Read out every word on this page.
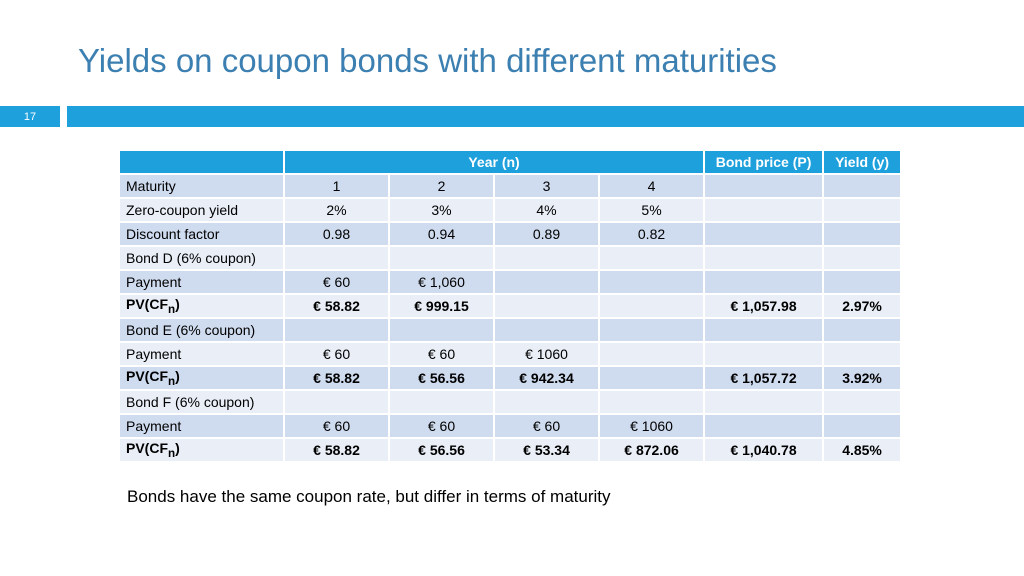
Yields on coupon bonds with different maturities
17
	Year (n)				Bond price (P)	Yield (y)
Maturity	1	2	3	4		
Zero-coupon yield	2%	3%	4%	5%		
Discount factor	0.98	0.94	0.89	0.82		
Bond D (6% coupon)						
Payment	€ 60	€ 1,060				
$PV(CF_n)$	€ 58.82	€ 999.15			€ 1,057.98	2.97%
Bond E (6% coupon)						
Payment	€ 60	€ 60	€ 1060			
$PV(CF_n)$	€ 58.82	€ 56.56	€ 942.34		€ 1,057.72	3.92%
Bond F (6% coupon)						
Payment	€ 60	€ 60	€ 60	€ 1060		
$PV(CF_n)$	€ 58.82	€ 56.56	€ 53.34	€ 872.06	€ 1,040.78	4.85%
Bonds have the same coupon rate, but differ in terms of maturity
